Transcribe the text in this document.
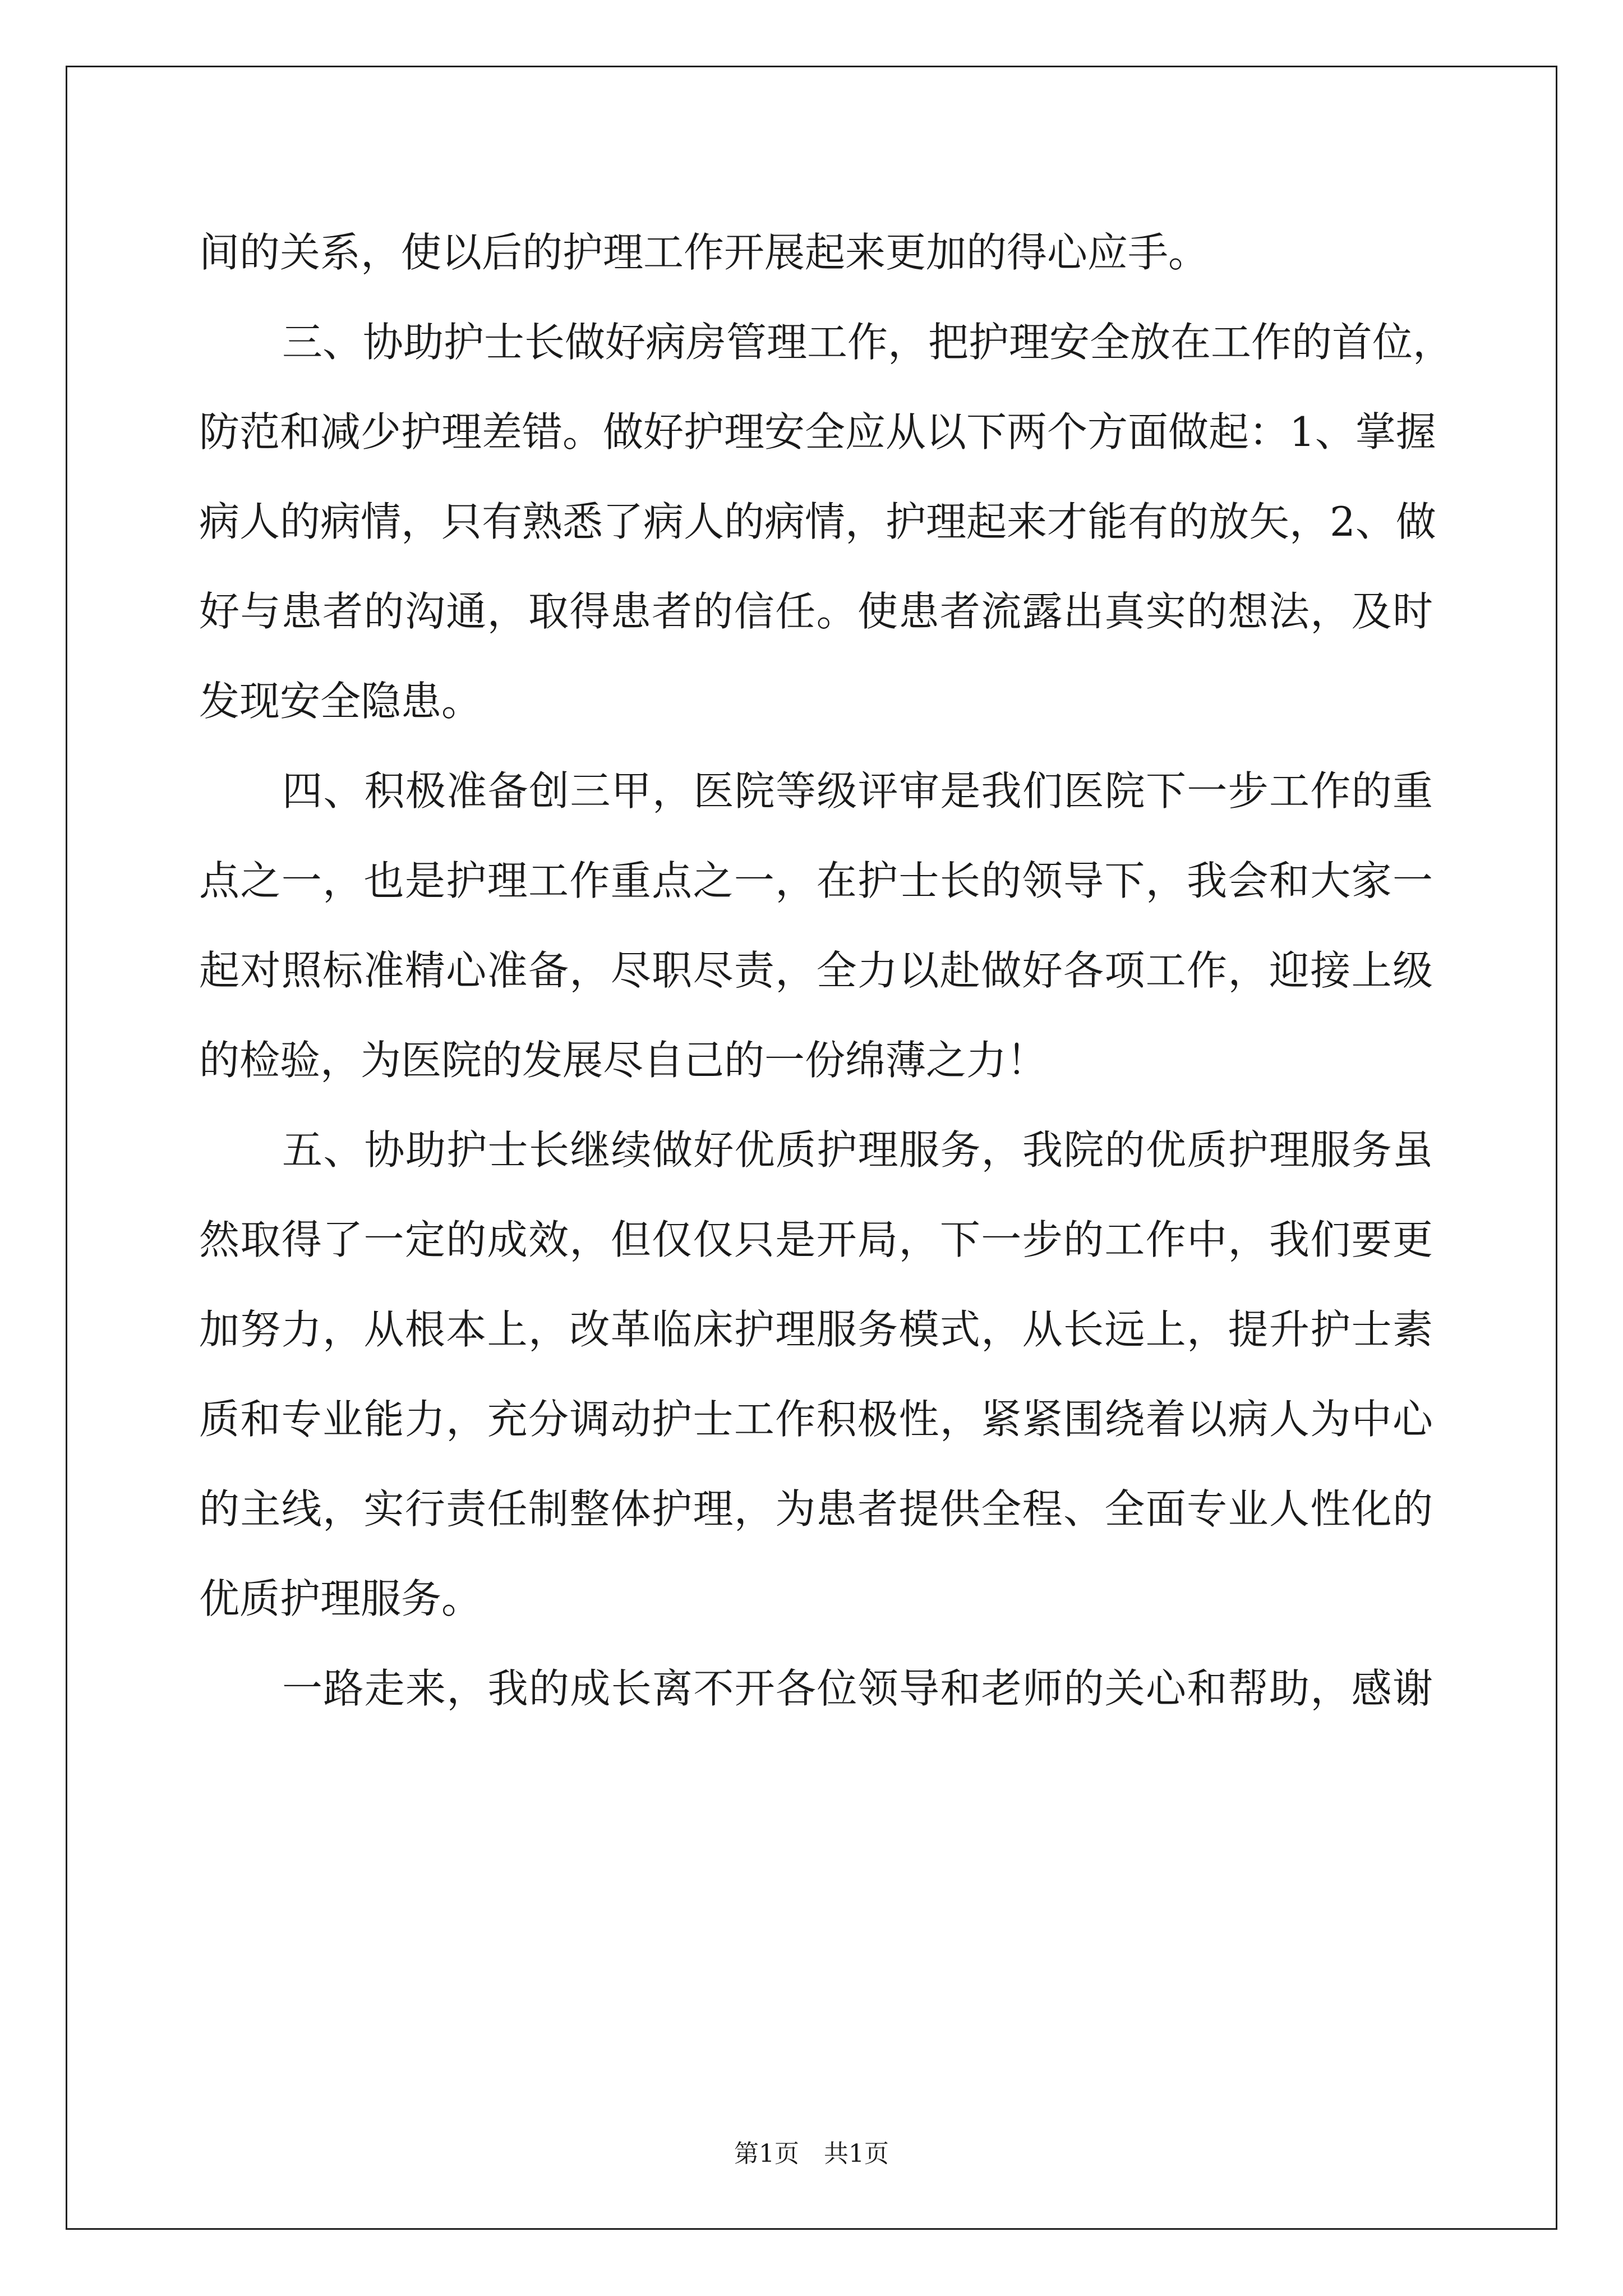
间的关系，使以后的护理工作开展起来更加的得心应手。
三、协助护士长做好病房管理工作，把护理安全放在工作的首位，
防范和减少护理差错。做好护理安全应从以下两个方面做起：1、掌握
病人的病情，只有熟悉了病人的病情，护理起来才能有的放矢，2、做
好与患者的沟通，取得患者的信任。使患者流露出真实的想法，及时
发现安全隐患。
四、积极准备创三甲，医院等级评审是我们医院下一步工作的重
点之一，也是护理工作重点之一，在护士长的领导下，我会和大家一
起对照标准精心准备，尽职尽责，全力以赴做好各项工作，迎接上级
的检验，为医院的发展尽自己的一份绵薄之力！
五、协助护士长继续做好优质护理服务，我院的优质护理服务虽
然取得了一定的成效，但仅仅只是开局，下一步的工作中，我们要更
加努力，从根本上，改革临床护理服务模式，从长远上，提升护士素
质和专业能力，充分调动护士工作积极性，紧紧围绕着以病人为中心
的主线，实行责任制整体护理，为患者提供全程、全面专业人性化的
优质护理服务。
一路走来，我的成长离不开各位领导和老师的关心和帮助，感谢
第1页　共1页
